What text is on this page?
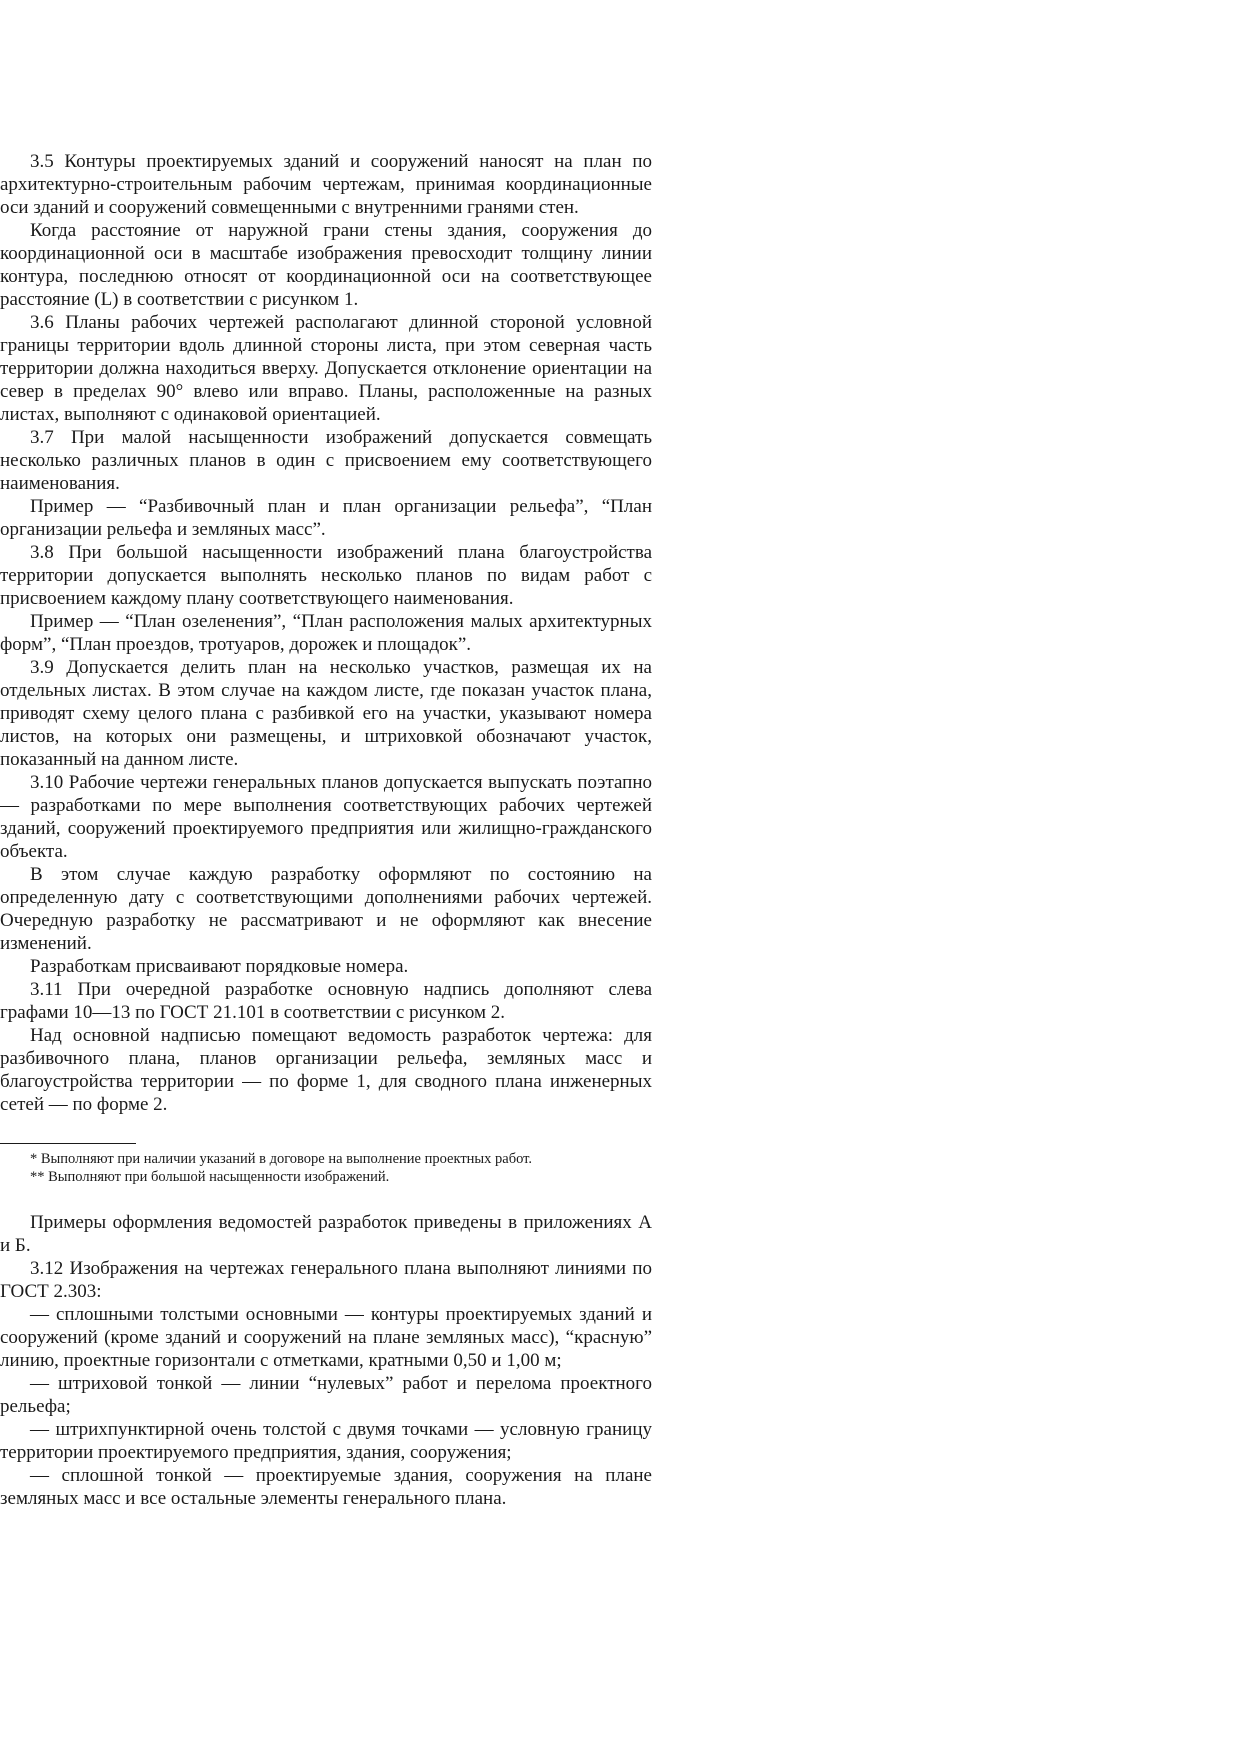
3.5 Контуры проектируемых зданий и сооружений наносят на план по архитектурно-строительным рабочим чертежам, принимая координационные оси зданий и сооружений совмещенными с внутренними гранями стен.

Когда расстояние от наружной грани стены здания, сооружения до координационной оси в масштабе изображения превосходит толщину линии контура, последнюю относят от координационной оси на соответствующее расстояние (L) в соответствии с рисунком 1.

3.6 Планы рабочих чертежей располагают длинной стороной условной границы территории вдоль длинной стороны листа, при этом северная часть территории должна находиться вверху. Допускается отклонение ориентации на север в пределах 90° влево или вправо. Планы, расположенные на разных листах, выполняют с одинаковой ориентацией.

3.7 При малой насыщенности изображений допускается совмещать несколько различных планов в один с присвоением ему соответствующего наименования.

Пример — “Разбивочный план и план организации рельефа”, “План организации рельефа и земляных масс”.

3.8 При большой насыщенности изображений плана благоустройства территории допускается выполнять несколько планов по видам работ с присвоением каждому плану соответствующего наименования.

Пример — “План озеленения”, “План расположения малых архитектурных форм”, “План проездов, тротуаров, дорожек и площадок”.

3.9 Допускается делить план на несколько участков, размещая их на отдельных листах. В этом случае на каждом листе, где показан участок плана, приводят схему целого плана с разбивкой его на участки, указывают номера листов, на которых они размещены, и штриховкой обозначают участок, показанный на данном листе.

3.10 Рабочие чертежи генеральных планов допускается выпускать поэтапно — разработками по мере выполнения соответствующих рабочих чертежей зданий, сооружений проектируемого предприятия или жилищно-гражданского объекта.

В этом случае каждую разработку оформляют по состоянию на определенную дату с соответствующими дополнениями рабочих чертежей. Очередную разработку не рассматривают и не оформляют как внесение изменений.

Разработкам присваивают порядковые номера.

3.11 При очередной разработке основную надпись дополняют слева графами 10—13 по ГОСТ 21.101 в соответствии с рисунком 2.

Над основной надписью помещают ведомость разработок чертежа: для разбивочного плана, планов организации рельефа, земляных масс и благоустройства территории — по форме 1, для сводного плана инженерных сетей — по форме 2.

* Выполняют при наличии указаний в договоре на выполнение проектных работ.

** Выполняют при большой насыщенности изображений.

Примеры оформления ведомостей разработок приведены в приложениях А и Б.

3.12 Изображения на чертежах генерального плана выполняют линиями по ГОСТ 2.303:

— сплошными толстыми основными — контуры проектируемых зданий и сооружений (кроме зданий и сооружений на плане земляных масс), “красную” линию, проектные горизонтали с отметками, кратными 0,50 и 1,00 м;

— штриховой тонкой — линии “нулевых” работ и перелома проектного рельефа;

— штрихпунктирной очень толстой с двумя точками — условную границу территории проектируемого предприятия, здания, сооружения;

— сплошной тонкой — проектируемые здания, сооружения на плане земляных масс и все остальные элементы генерального плана.
